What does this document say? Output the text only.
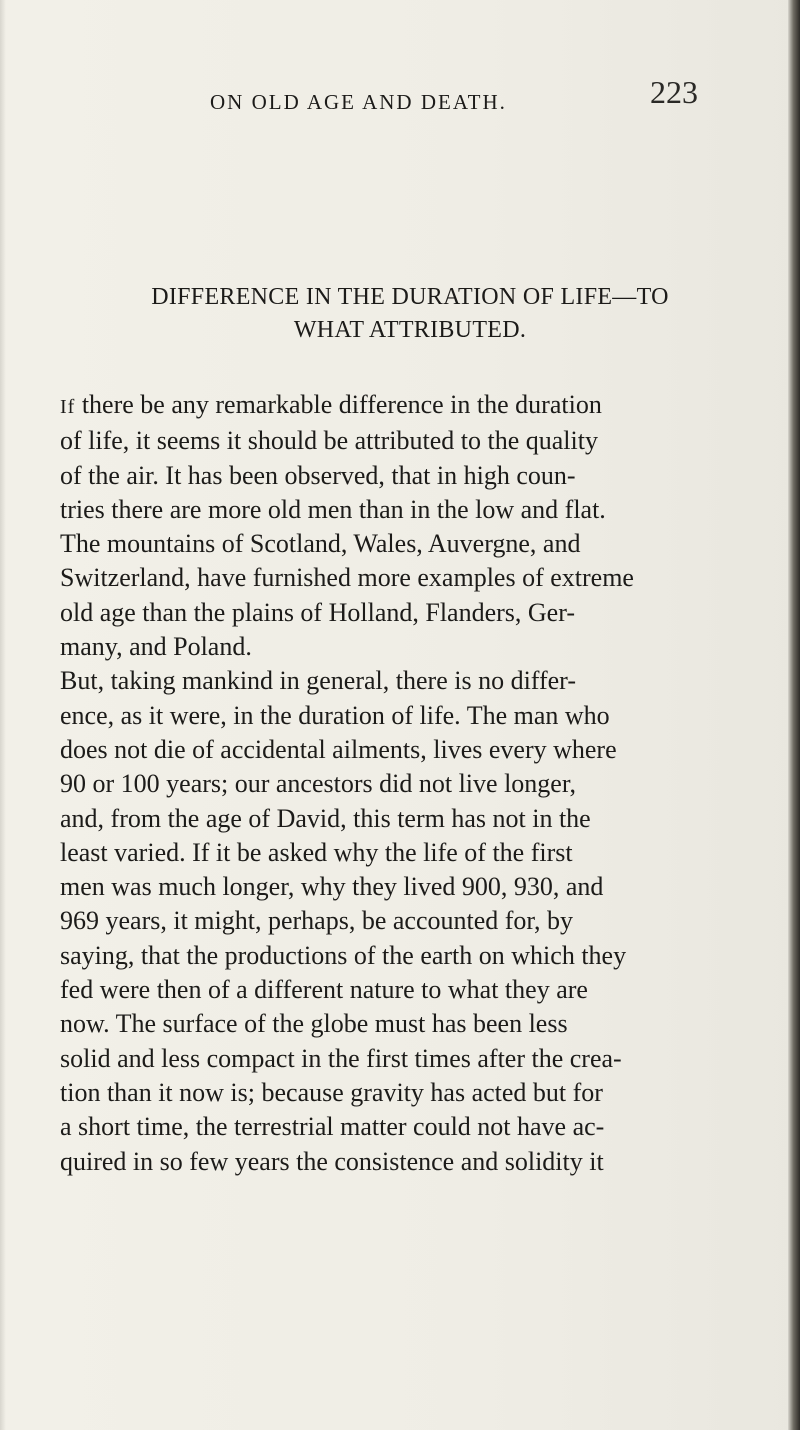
ON OLD AGE AND DEATH.	223
DIFFERENCE IN THE DURATION OF LIFE—TO
WHAT ATTRIBUTED.
If there be any remarkable difference in the duration
of life, it seems it should be attributed to the quality
of the air. It has been observed, that in high coun-
tries there are more old men than in the low and flat.
The mountains of Scotland, Wales, Auvergne, and
Switzerland, have furnished more examples of extreme
old age than the plains of Holland, Flanders, Ger-
many, and Poland.
But, taking mankind in general, there is no differ-
ence, as it were, in the duration of life. The man who
does not die of accidental ailments, lives every where
90 or 100 years; our ancestors did not live longer,
and, from the age of David, this term has not in the
least varied. If it be asked why the life of the first
men was much longer, why they lived 900, 930, and
969 years, it might, perhaps, be accounted for, by
saying, that the productions of the earth on which they
fed were then of a different nature to what they are
now. The surface of the globe must has been less
solid and less compact in the first times after the crea-
tion than it now is; because gravity has acted but for
a short time, the terrestrial matter could not have ac-
quired in so few years the consistence and solidity it
